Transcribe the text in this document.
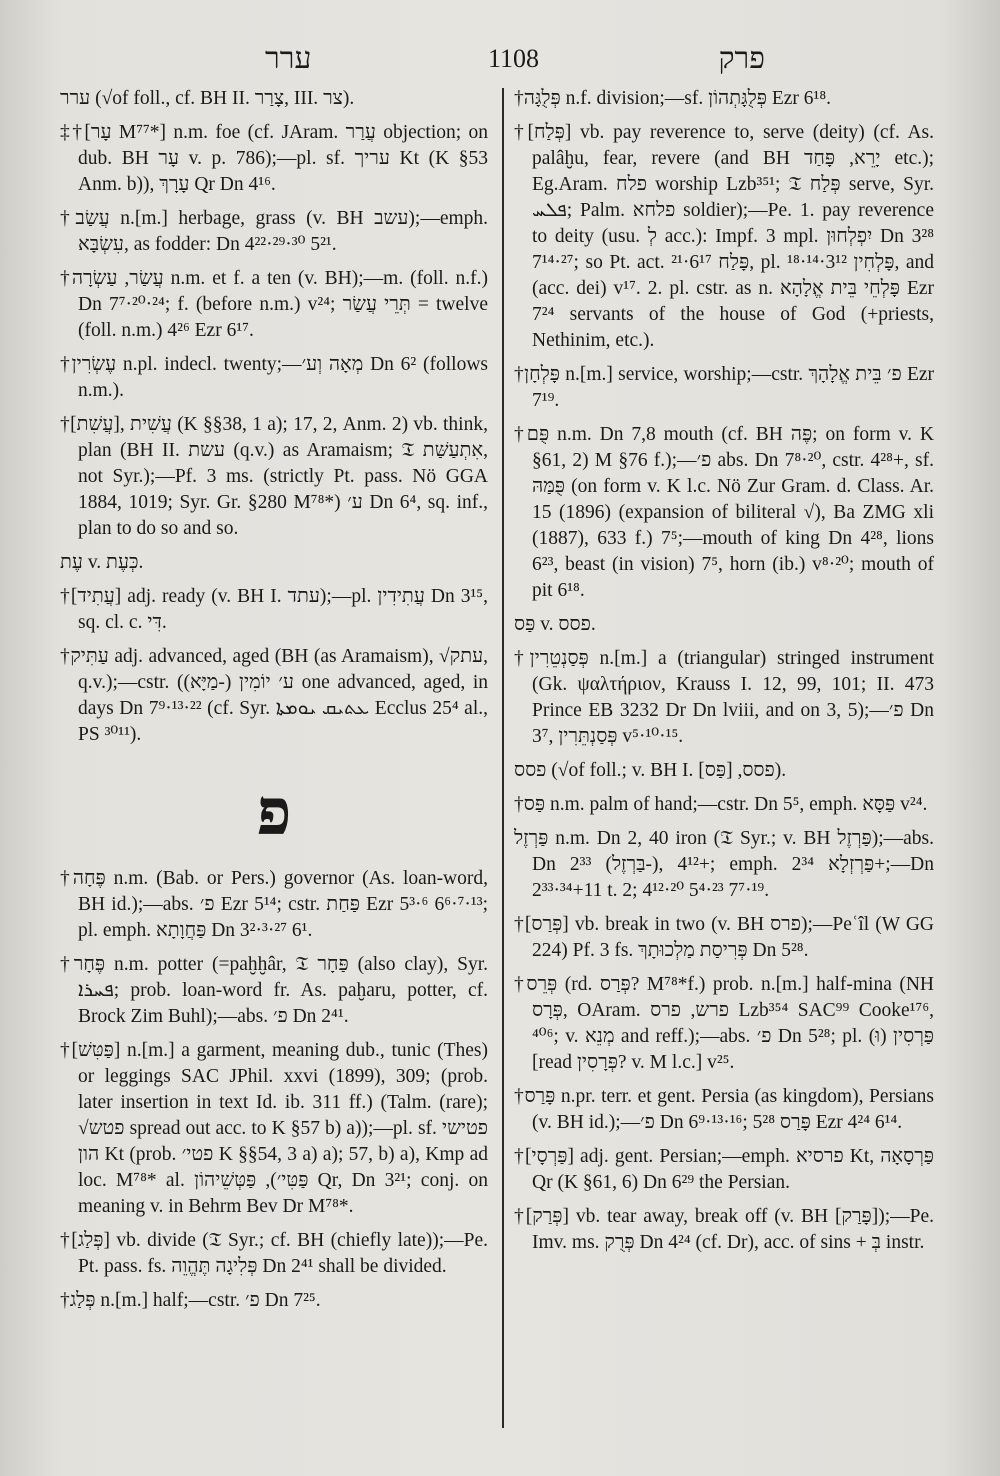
ערר	1108	פרק

ערר (√of foll., cf. BH II. צָרַר, III. צר).

‡†[עָר M⁷⁷*] n.m. foe (cf. JAram. עֲרַר objection; on dub. BH עָר v. p. 786);—pl. sf. עריך Kt (K §53 Anm. b)), עָרָךְ Qr Dn 4¹⁶.

†עֲשַׂב n.[m.] herbage, grass (v. BH עשב);—emph. עִשְׂבָּא, as fodder: Dn 4²²·²⁹·³⁰ 5²¹.

†עֲשַׂר, עַשְׂרָה n.m. et f. a ten (v. BH);—m. (foll. n.f.) Dn 7⁷·²⁰·²⁴; f. (before n.m.) v²⁴; תְּרֵי עֲשַׂר = twelve (foll. n.m.) 4²⁶ Ezr 6¹⁷.

†עֶשְׂרִין n.pl. indecl. twenty;—מְאָה וְע׳ Dn 6² (follows n.m.).

†[עֲשִׁת], עֲשִׁית (K §§38, 1 a); 17, 2, Anm. 2) vb. think, plan (BH II. עשת (q.v.) as Aramaism; 𝔗 אִתְעַשַּׁת, not Syr.);—Pf. 3 ms. (strictly Pt. pass. Nö GGA 1884, 1019; Syr. Gr. §280 M⁷⁸*) ע׳ Dn 6⁴, sq. inf., plan to do so and so.

עֶת v. כְּעֶת.

†[עֲתִיד] adj. ready (v. BH I. עתד);—pl. עֲתִידִין Dn 3¹⁵, sq. cl. c. דִּי.

†עַתִּיק adj. advanced, aged (BH (as Aramaism), √עתק, q.v.);—cstr. (ע׳ יוֹמִין (-מַיָּא) one advanced, aged, in days Dn 7⁹·¹³·²² (cf. Syr. ܥܬܝܩ ܝܘܡܬܐ Ecclus 25⁴ al., PS ³⁰¹¹).

פ

†פֶּחָה n.m. (Bab. or Pers.) governor (As. loan-word, BH id.);—abs. פ׳ Ezr 5¹⁴; cstr. פַּחַת Ezr 5³·⁶ 6⁶·⁷·¹³; pl. emph. פַּחֲוָתָא Dn 3²·³·²⁷ 6¹.

†פֶּחָר n.m. potter (=paḫḫâr, 𝔗 פַּחָר (also clay), Syr. ܦܚܪܐ; prob. loan-word fr. As. paḫaru, potter, cf. Brock Zim Buhl);—abs. פ׳ Dn 2⁴¹.

†[פַּטִּשׁ] n.[m.] a garment, meaning dub., tunic (Thes) or leggings SAC JPhil. xxvi (1899), 309; (prob. later insertion in text Id. ib. 311 ff.) (Talm. (rare); √פטש spread out acc. to K §57 b) a));—pl. sf. פטישי הון Kt (prob. פטי׳ K §§54, 3 a) a); 57, b) a), Kmp ad loc. M⁷⁸* al. פַּטִּי׳), פַּטְּשֵׁיהוֹן Qr, Dn 3²¹; conj. on meaning v. in Behrm Bev Dr M⁷⁸*.

†[פְּלַג] vb. divide (𝔗 Syr.; cf. BH (chiefly late));—Pe. Pt. pass. fs. פְּלִיגָה תֶּהֱוֵה Dn 2⁴¹ shall be divided.

†פְּלַג n.[m.] half;—cstr. פ׳ Dn 7²⁵.

†פְּלֻגָּה n.f. division;—sf. פְּלֻגָּתְהוֹן Ezr 6¹⁸.

†[פְּלַח] vb. pay reverence to, serve (deity) (cf. As. palâḫu, fear, revere (and BH יָרֵא, פָּחַד etc.); Eg.Aram. פלח worship Lzb³⁵¹; 𝔗 פְּלַח serve, Syr. ܦܠܚ; Palm. פלחא soldier);—Pe. 1. pay reverence to deity (usu. לְ acc.): Impf. 3 mpl. יִפְלְחוּן Dn 3²⁸ 7¹⁴·²⁷; so Pt. act. פָּלַח 6¹⁷·²¹, pl. פָּלְחִין 3¹²·¹⁴·¹⁸, and (acc. dei) v¹⁷. 2. pl. cstr. as n. פָּלְחֵי בֵּית אֱלָהָא Ezr 7²⁴ servants of the house of God (+priests, Nethinim, etc.).

†פָּלְחָן n.[m.] service, worship;—cstr. פ׳ בֵּית אֱלָהָךְ Ezr 7¹⁹.

†פֻּם n.m. Dn 7,8 mouth (cf. BH פֶּה; on form v. K §61, 2) M §76 f.);—פ׳ abs. Dn 7⁸·²⁰, cstr. 4²⁸+, sf. פֻּמַּהּ (on form v. K l.c. Nö Zur Gram. d. Class. Ar. 15 (1896) (expansion of biliteral √), Ba ZMG xli (1887), 633 f.) 7⁵;—mouth of king Dn 4²⁸, lions 6²³, beast (in vision) 7⁵, horn (ib.) v⁸·²⁰; mouth of pit 6¹⁸.

פַּס v. פסס.

†פְּסַנְטֵרִין n.[m.] a (triangular) stringed instrument (Gk. ψαλτήριον, Krauss I. 12, 99, 101; II. 473 Prince EB 3232 Dr Dn lviii, and on 3, 5);—פ׳ Dn 3⁷, פְּסַנְתֵּרִין v⁵·¹⁰·¹⁵.

פסס (√of foll.; v. BH I. פסס, [פַּס]).

†פַּס n.m. palm of hand;—cstr. Dn 5⁵, emph. פַּסָּא v²⁴.

פַּרְזֶל n.m. Dn 2, 40 iron (𝔗 Syr.; v. BH פַּרְזֶל);—abs. Dn 2³³ (בַּרְזֶל-), 4¹²+; emph. פַּרְזְלָא 2³⁴+;—Dn 2³³·³⁴+11 t. 2; 4¹²·²⁰ 5⁴·²³ 7⁷·¹⁹.

†[פְּרַס] vb. break in two (v. BH פרס);—Peʿîl (W GG 224) Pf. 3 fs. פְּרִיסַת מַלְכוּתָךְ Dn 5²⁸.

†פְּרֵס (rd. פְּרַס? M⁷⁸*f.) prob. n.[m.] half-mina (NH פְּרָס, OAram. פרש, פרס Lzb³⁵⁴ SAC⁹⁹ Cooke¹⁷⁶, ⁴⁰⁶; v. מְנֵא and reff.);—abs. פ׳ Dn 5²⁸; pl. פַּרְסִין (וּ) [read פְּרָסִין? v. M l.c.] v²⁵.

†פָּרַס n.pr. terr. et gent. Persia (as kingdom), Persians (v. BH id.);—פ׳ Dn 6⁹·¹³·¹⁶; פָּרַס 5²⁸ Ezr 4²⁴ 6¹⁴.

†[פַּרְסָי] adj. gent. Persian;—emph. פרסיא Kt, פַּרְסָאָה Qr (K §61, 6) Dn 6²⁹ the Persian.

†[פְּרַק] vb. tear away, break off (v. BH [פָּרַק]);—Pe. Imv. ms. פְּרֻק Dn 4²⁴ (cf. Dr), acc. of sins + בְּ instr.
